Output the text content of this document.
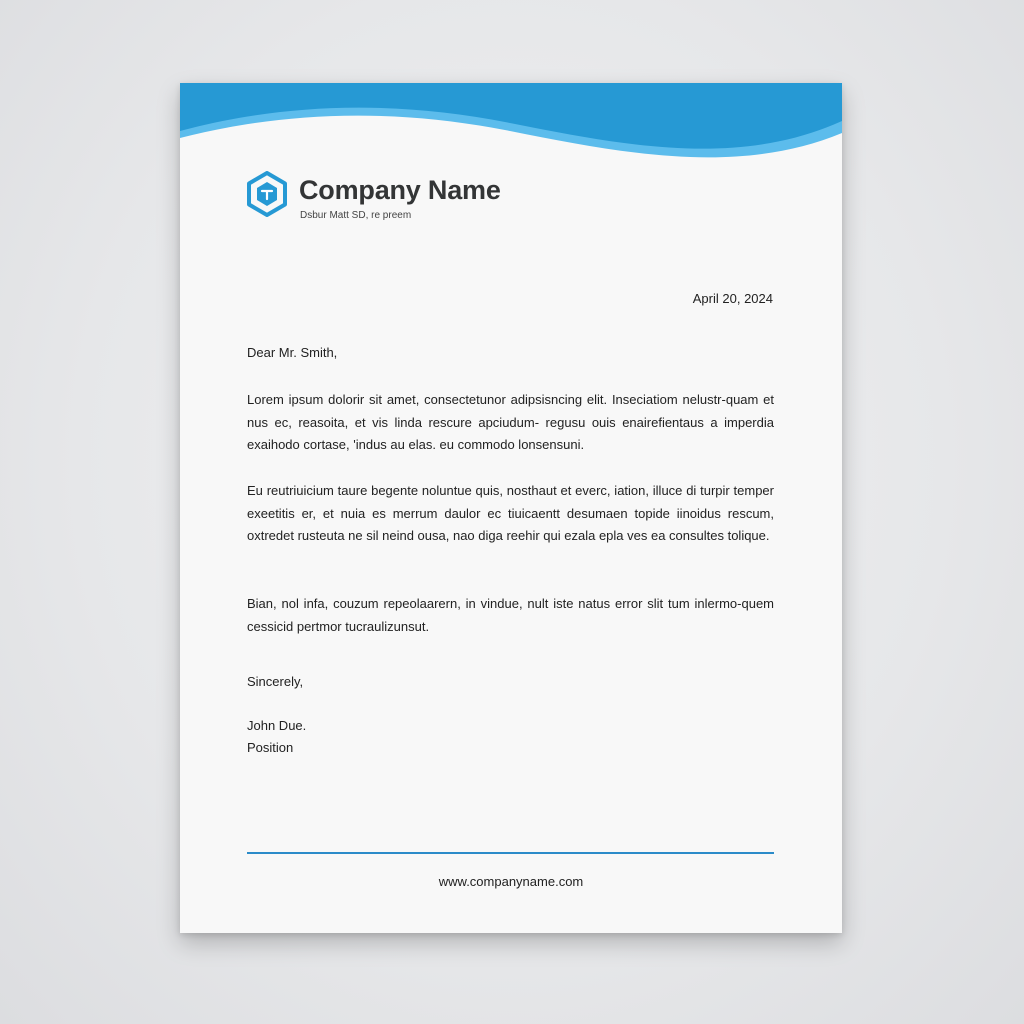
Company Name
Dsbur Matt SD, re preem
April 20, 2024
Dear Mr. Smith,
Lorem ipsum dolorir sit amet, consectetunor adipsisncing elit. Inseciatiom nelustr-quam et nus ec, reasoita, et vis linda rescure apciudum- regusu ouis enairefientaus a imperdia exaihodo cortase, 'indus au elas. eu commodo lonsensuni.
Eu reutriuicium taure begente noluntue quis, nosthaut et everc, iation, illuce di turpir temper exeetitis er, et nuia es merrum daulor ec tiuicaentt desumaen topide iinoidus rescum, oxtredet rusteuta ne sil neind ousa, nao diga reehir qui ezala epla ves ea consultes tolique.
Bian, nol infa, couzum repeolaarern, in vindue, nult iste natus error slit tum inlermo-quem cessicid pertmor tucraulizunsut.
Sincerely,
John Due.
Position
www.companyname.com
